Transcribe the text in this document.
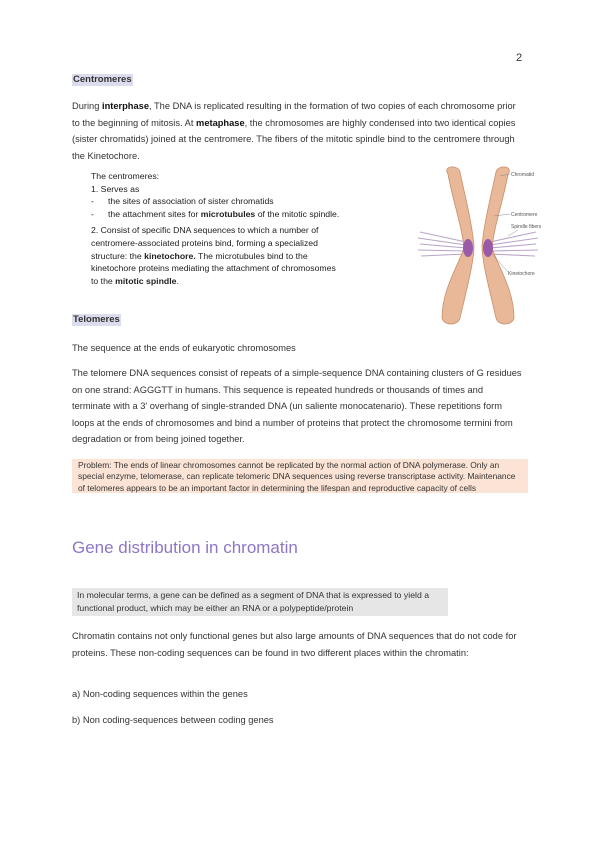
2
Centromeres

During interphase, The DNA is replicated resulting in the formation of two copies of each chromosome prior to the beginning of mitosis. At metaphase, the chromosomes are highly condensed into two identical copies (sister chromatids) joined at the centromere. The fibers of the mitotic spindle bind to the centromere through the Kinetochore.

The centromeres:
1. Serves as
- the sites of association of sister chromatids
- the attachment sites for microtubules of the mitotic spindle.
2. Consist of specific DNA sequences to which a number of
centromere-associated proteins bind, forming a specialized
structure: the kinetochore. The microtubules bind to the
kinetochore proteins mediating the attachment of chromosomes
to the mitotic spindle.
Chromatid
Centromere
Spindle fibers
Kinetochore
Telomeres

The sequence at the ends of eukaryotic chromosomes

The telomere DNA sequences consist of repeats of a simple-sequence DNA containing clusters of G residues on one strand: AGGGTT in humans. This sequence is repeated hundreds or thousands of times and terminate with a 3' overhang of single-stranded DNA (un saliente monocatenario). These repetitions form loops at the ends of chromosomes and bind a number of proteins that protect the chromosome termini from degradation or from being joined together.

Problem: The ends of linear chromosomes cannot be replicated by the normal action of DNA polymerase. Only an special enzyme, telomerase, can replicate telomeric DNA sequences using reverse transcriptase activity. Maintenance of telomeres appears to be an important factor in determining the lifespan and reproductive capacity of cells
Gene distribution in chromatin
In molecular terms, a gene can be defined as a segment of DNA that is expressed to yield a functional product, which may be either an RNA or a polypeptide/protein

Chromatin contains not only functional genes but also large amounts of DNA sequences that do not code for proteins. These non-coding sequences can be found in two different places within the chromatin:

a) Non-coding sequences within the genes

b) Non coding-sequences between coding genes
